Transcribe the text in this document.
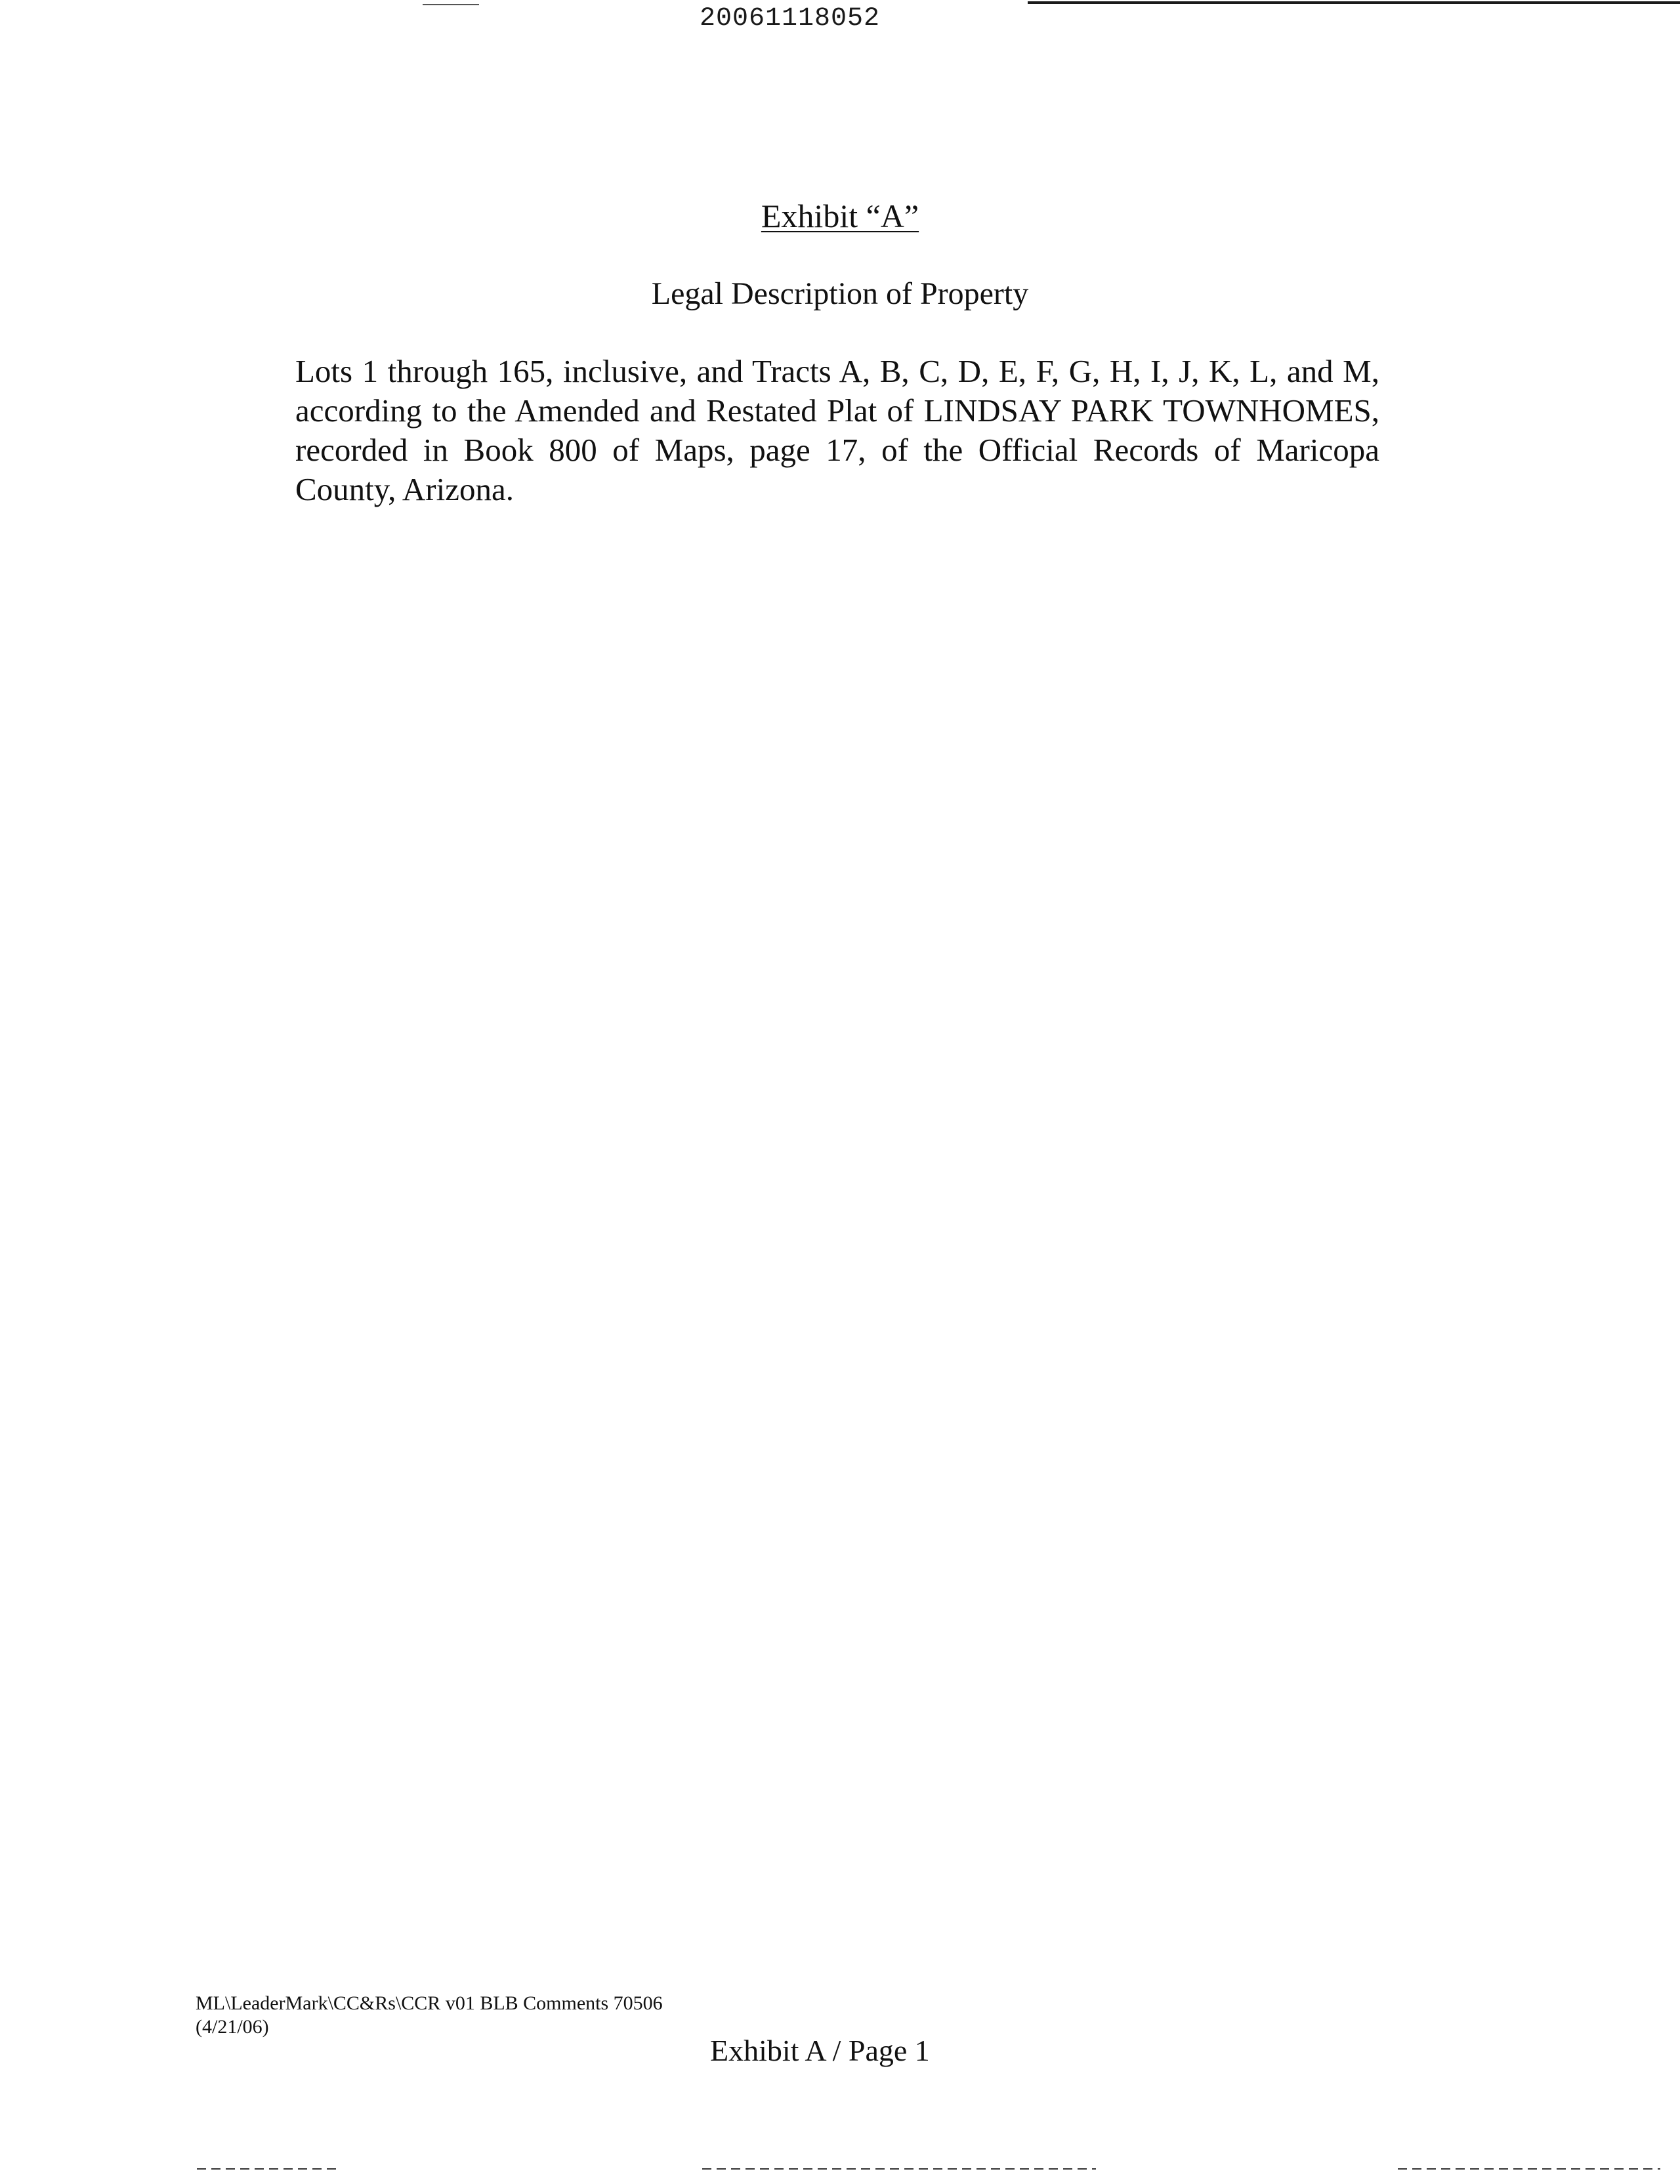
20061118052
Exhibit “A”
Legal Description of Property
Lots 1 through 165, inclusive, and Tracts A, B, C, D, E, F, G, H, I, J, K, L, and M, according to the Amended and Restated Plat of LINDSAY PARK TOWNHOMES, recorded in Book 800 of Maps, page 17, of the Official Records of Maricopa County, Arizona.
ML\LeaderMark\CC&Rs\CCR v01 BLB Comments 70506
(4/21/06)
Exhibit A / Page 1
